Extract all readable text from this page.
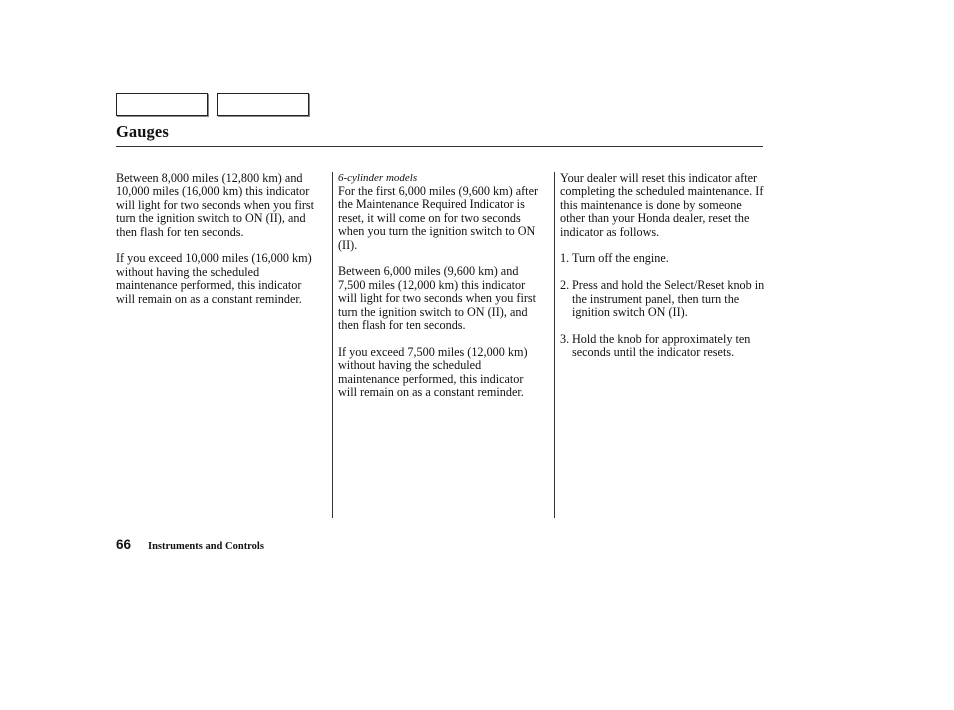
Gauges

Between 8,000 miles (12,800 km) and 10,000 miles (16,000 km) this indicator will light for two seconds when you first turn the ignition switch to ON (II), and then flash for ten seconds.

If you exceed 10,000 miles (16,000 km) without having the scheduled maintenance performed, this indicator will remain on as a constant reminder.

6-cylinder models

For the first 6,000 miles (9,600 km) after the Maintenance Required Indicator is reset, it will come on for two seconds when you turn the ignition switch to ON (II).

Between 6,000 miles (9,600 km) and 7,500 miles (12,000 km) this indicator will light for two seconds when you first turn the ignition switch to ON (II), and then flash for ten seconds.

If you exceed 7,500 miles (12,000 km) without having the scheduled maintenance performed, this indicator will remain on as a constant reminder.

Your dealer will reset this indicator after completing the scheduled maintenance. If this maintenance is done by someone other than your Honda dealer, reset the indicator as follows.

1. Turn off the engine.
2. Press and hold the Select/Reset knob in the instrument panel, then turn the ignition switch ON (II).
3. Hold the knob for approximately ten seconds until the indicator resets.
66 Instruments and Controls
